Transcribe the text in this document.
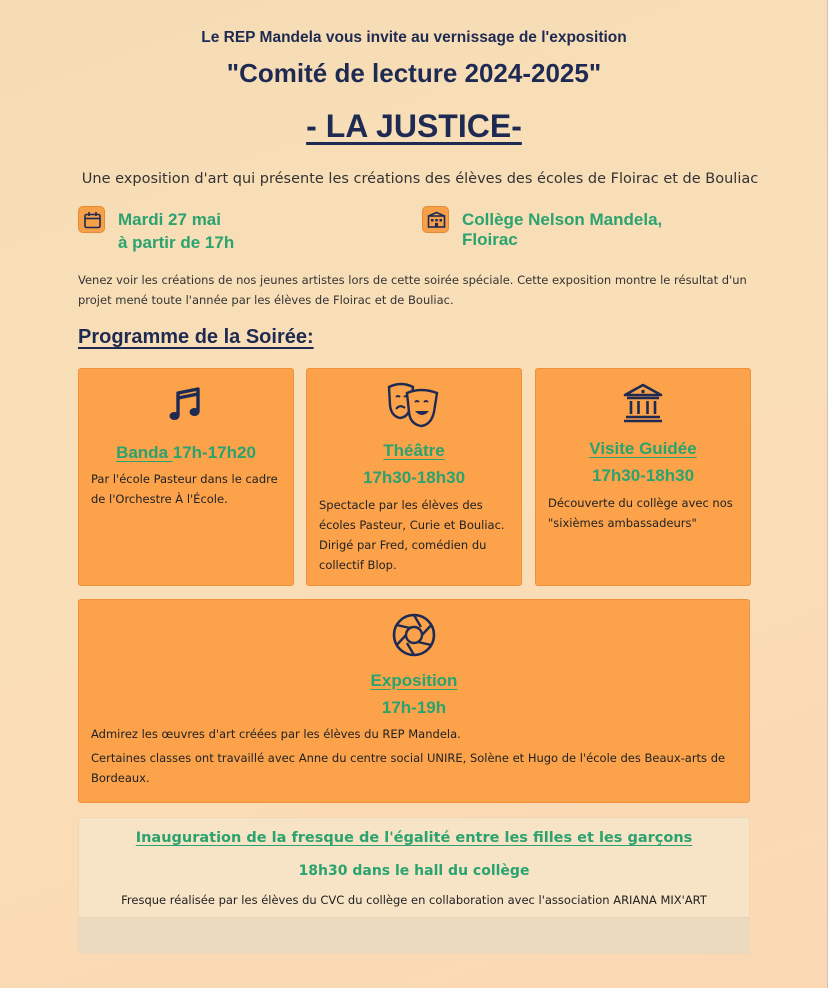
Le REP Mandela vous invite au vernissage de l'exposition
"Comité de lecture 2024-2025"
- LA JUSTICE-
Une exposition d'art qui présente les créations des élèves des écoles de Floirac et de Bouliac

Mardi 27 mai

à partir de 17h

Collège Nelson Mandela,

Floirac

Venez voir les créations de nos jeunes artistes lors de cette soirée spéciale. Cette exposition montre le résultat d'un projet mené toute l'année par les élèves de Floirac et de Bouliac.
Programme de la Soirée:
Banda 17h-17h20
Par l'école Pasteur dans le cadre de l'Orchestre À l'École.
Théâtre
17h30-18h30
Spectacle par les élèves des écoles Pasteur, Curie et Bouliac. Dirigé par Fred, comédien du collectif Blop.
Visite Guidée
17h30-18h30
Découverte du collège avec nos "sixièmes ambassadeurs"
Exposition
17h-19h

Admirez les œuvres d'art créées par les élèves du REP Mandela.

Certaines classes ont travaillé avec Anne du centre social UNIRE, Solène et Hugo de l'école des Beaux-arts de Bordeaux.

Inauguration de la fresque de l'égalité entre les filles et les garçons
18h30 dans le hall du collège
Fresque réalisée par les élèves du CVC du collège en collaboration avec l'association ARIANA MIX'ART
